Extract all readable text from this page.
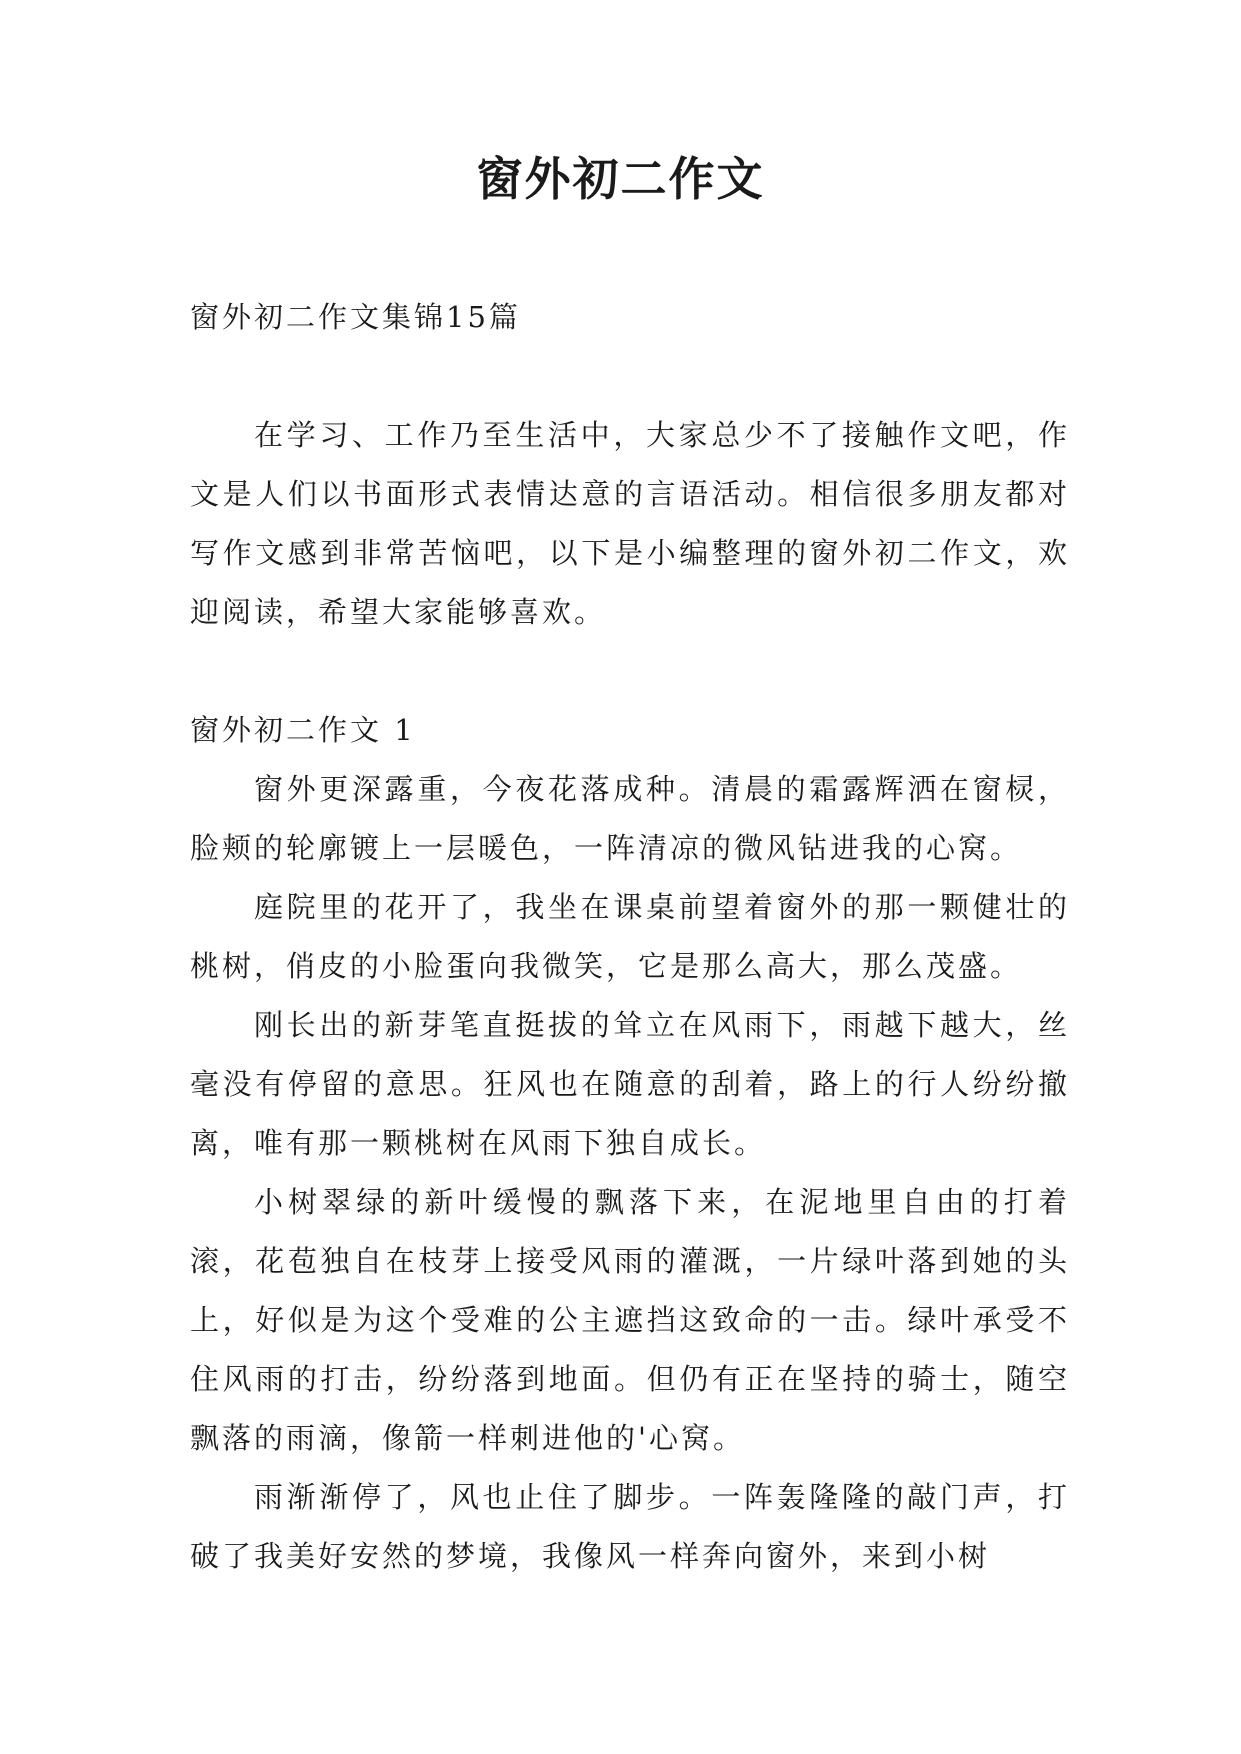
窗外初二作文

窗外初二作文集锦15篇

在学习、工作乃至生活中，大家总少不了接触作文吧，作文是人们以书面形式表情达意的言语活动。相信很多朋友都对写作文感到非常苦恼吧，以下是小编整理的窗外初二作文，欢迎阅读，希望大家能够喜欢。

窗外初二作文 1

窗外更深露重，今夜花落成种。清晨的霜露辉洒在窗棂，脸颊的轮廓镀上一层暖色，一阵清凉的微风钻进我的心窝。

庭院里的花开了，我坐在课桌前望着窗外的那一颗健壮的桃树，俏皮的小脸蛋向我微笑，它是那么高大，那么茂盛。

刚长出的新芽笔直挺拔的耸立在风雨下，雨越下越大，丝毫没有停留的意思。狂风也在随意的刮着，路上的行人纷纷撤离，唯有那一颗桃树在风雨下独自成长。

小树翠绿的新叶缓慢的飘落下来，在泥地里自由的打着滚，花苞独自在枝芽上接受风雨的灌溉，一片绿叶落到她的头上，好似是为这个受难的公主遮挡这致命的一击。绿叶承受不住风雨的打击，纷纷落到地面。但仍有正在坚持的骑士，随空飘落的雨滴，像箭一样刺进他的'心窝。

雨渐渐停了，风也止住了脚步。一阵轰隆隆的敲门声，打破了我美好安然的梦境，我像风一样奔向窗外，来到小树
